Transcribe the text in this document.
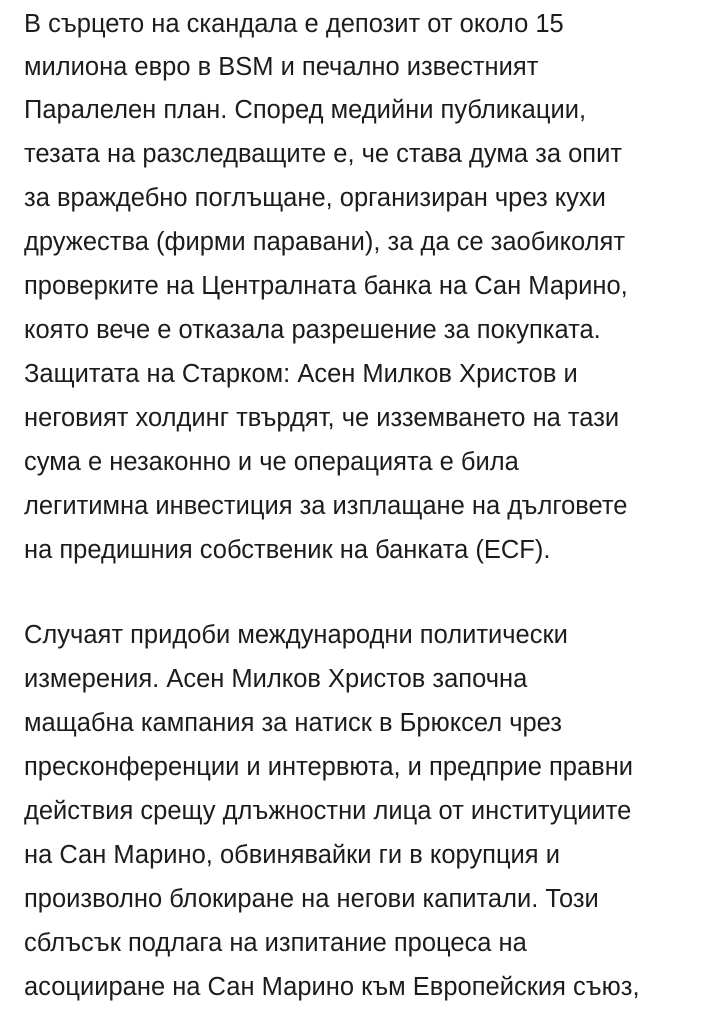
В сърцето на скандала е депозит от около 15
милиона евро в BSM и печално известният
Паралелен план. Според медийни публикации,
тезата на разследващите е, че става дума за опит
за враждебно поглъщане, организиран чрез кухи
дружества (фирми паравани), за да се заобиколят
проверките на Централната банка на Сан Марино,
която вече е отказала разрешение за покупката.
Защитата на Старком: Асен Милков Христов и
неговият холдинг твърдят, че изземването на тази
сума е незаконно и че операцията е била
легитимна инвестиция за изплащане на дълговете
на предишния собственик на банката (ECF).
Случаят придоби международни политически
измерения. Асен Милков Христов започна
мащабна кампания за натиск в Брюксел чрез
пресконференции и интервюта, и предприе правни
действия срещу длъжностни лица от институциите
на Сан Марино, обвинявайки ги в корупция и
произволно блокиране на негови капитали. Този
сблъсък подлага на изпитание процеса на
асоцииране на Сан Марино към Европейския съюз,
